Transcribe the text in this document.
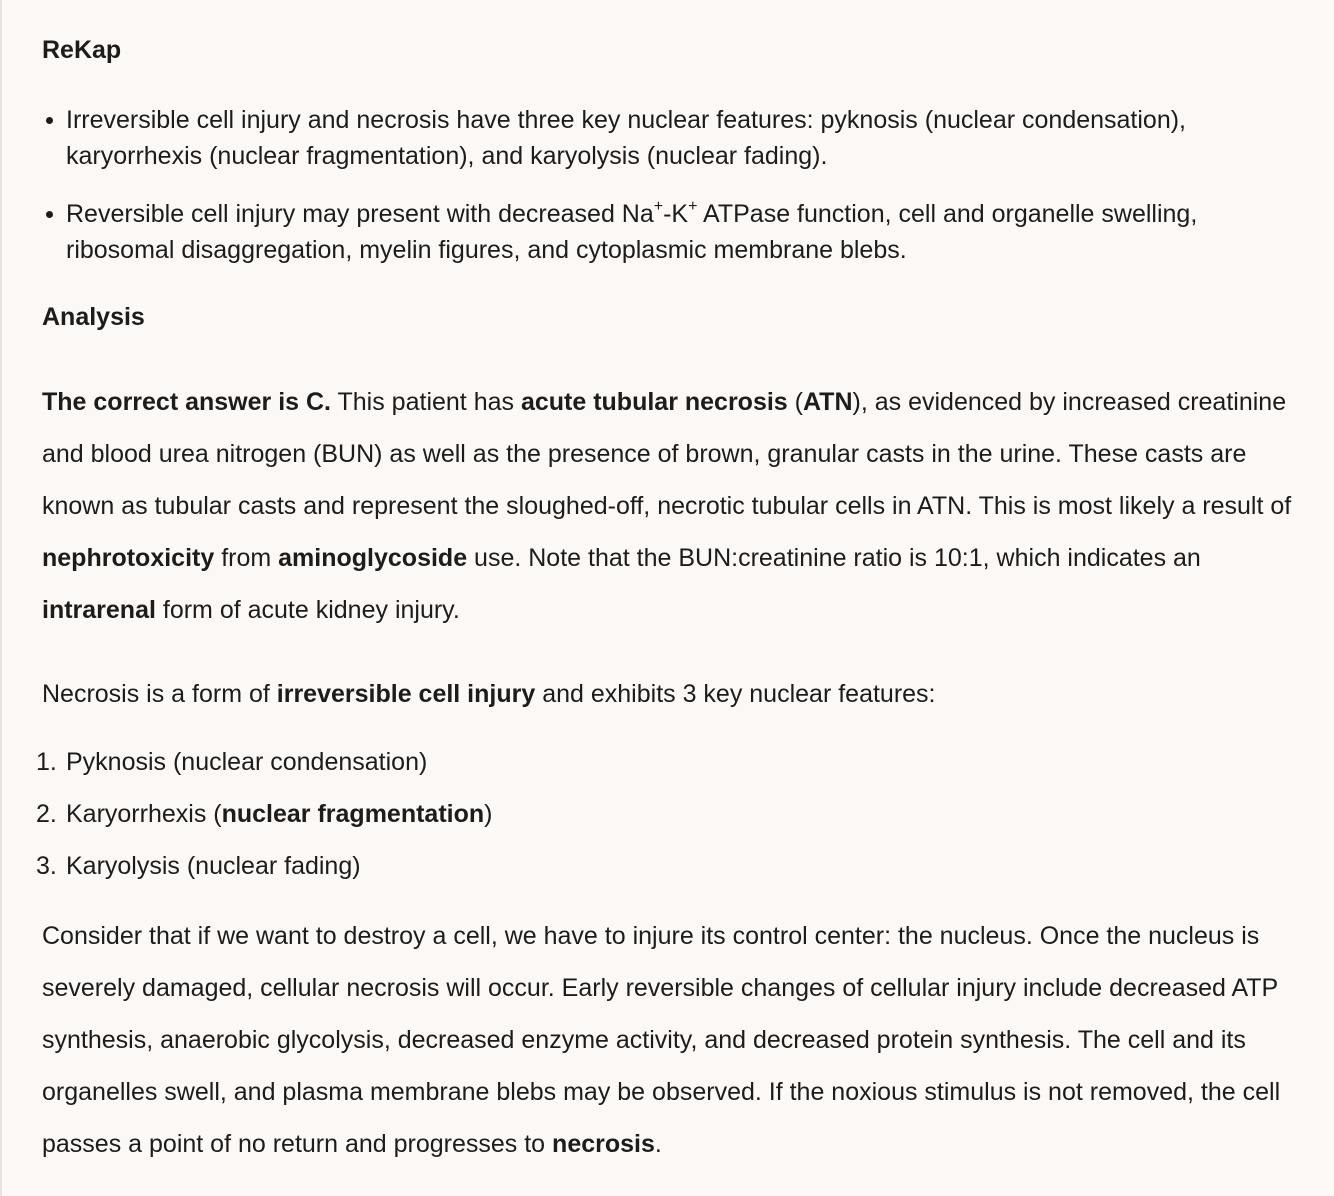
ReKap
Irreversible cell injury and necrosis have three key nuclear features: pyknosis (nuclear condensation), karyorrhexis (nuclear fragmentation), and karyolysis (nuclear fading).
Reversible cell injury may present with decreased Na+-K+ ATPase function, cell and organelle swelling, ribosomal disaggregation, myelin figures, and cytoplasmic membrane blebs.
Analysis

The correct answer is C. This patient has acute tubular necrosis (ATN), as evidenced by increased creatinine and blood urea nitrogen (BUN) as well as the presence of brown, granular casts in the urine. These casts are known as tubular casts and represent the sloughed-off, necrotic tubular cells in ATN. This is most likely a result of nephrotoxicity from aminoglycoside use. Note that the BUN:creatinine ratio is 10:1, which indicates an intrarenal form of acute kidney injury.

Necrosis is a form of irreversible cell injury and exhibits 3 key nuclear features:

1. Pyknosis (nuclear condensation)
2. Karyorrhexis (nuclear fragmentation)
3. Karyolysis (nuclear fading)

Consider that if we want to destroy a cell, we have to injure its control center: the nucleus. Once the nucleus is severely damaged, cellular necrosis will occur. Early reversible changes of cellular injury include decreased ATP synthesis, anaerobic glycolysis, decreased enzyme activity, and decreased protein synthesis. The cell and its organelles swell, and plasma membrane blebs may be observed. If the noxious stimulus is not removed, the cell passes a point of no return and progresses to necrosis.
